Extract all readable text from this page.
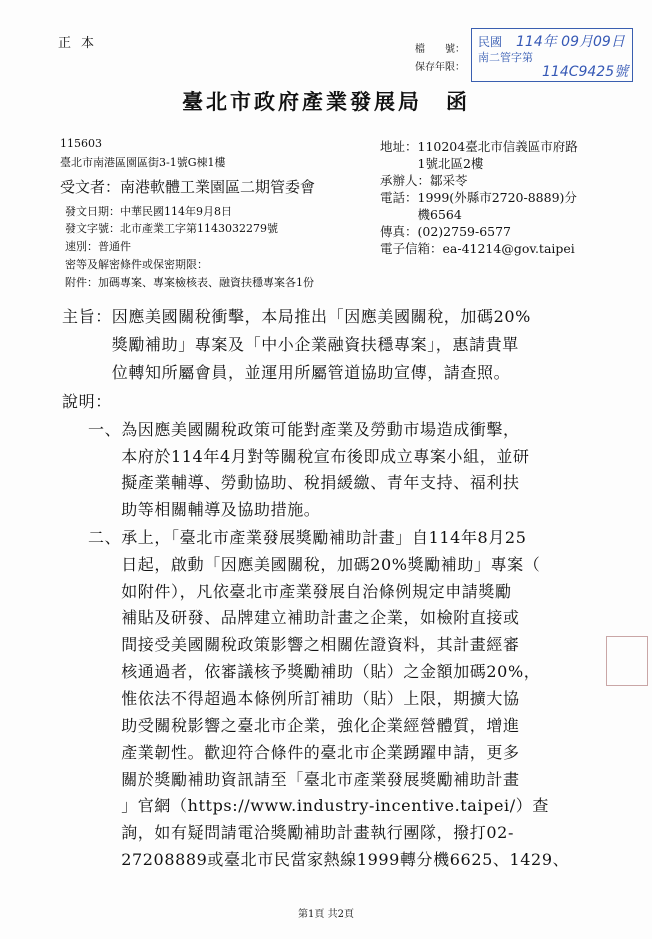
正本	檔　　號：
保存年限：
民國 114年 09月09日
南二管字第
114C9425號
臺北市政府產業發展局　函
115603
臺北市南港區園區街3-1號G棟1樓
受文者：南港軟體工業園區二期管委會
發文日期：中華民國114年9月8日
發文字號：北市產業工字第1143032279號
速別：普通件
密等及解密條件或保密期限：
附件：加碼專案、專案檢核表、融資扶穩專案各1份
地址：110204臺北市信義區市府路
　　　1號北區2樓
承辦人：鄒采苓
電話：1999(外縣市2720-8889)分
　　　機6564
傳真：(02)2759-6577
電子信箱：ea-41214@gov.taipei
主旨：因應美國關稅衝擊，本局推出「因應美國關稅，加碼20%
　　　獎勵補助」專案及「中小企業融資扶穩專案」，惠請貴單
　　　位轉知所屬會員，並運用所屬管道協助宣傳，請查照。
說明：
一、為因應美國關稅政策可能對產業及勞動市場造成衝擊，
　　本府於114年4月對等關稅宣布後即成立專案小組，並研
　　擬產業輔導、勞動協助、稅捐緩繳、青年支持、福利扶
　　助等相關輔導及協助措施。
二、承上，「臺北市產業發展獎勵補助計畫」自114年8月25
　　日起，啟動「因應美國關稅，加碼20%獎勵補助」專案（
　　如附件），凡依臺北市產業發展自治條例規定申請獎勵
　　補貼及研發、品牌建立補助計畫之企業，如檢附直接或
　　間接受美國關稅政策影響之相關佐證資料，其計畫經審
　　核通過者，依審議核予獎勵補助（貼）之金額加碼20%，
　　惟依法不得超過本條例所訂補助（貼）上限，期擴大協
　　助受關稅影響之臺北市企業，強化企業經營體質，增進
　　產業韌性。歡迎符合條件的臺北市企業踴躍申請，更多
　　關於獎勵補助資訊請至「臺北市產業發展獎勵補助計畫
　　」官網（https://www.industry-incentive.taipei/）查
　　詢，如有疑問請電洽獎勵補助計畫執行團隊，撥打02-
　　27208889或臺北市民當家熱線1999轉分機6625、1429、
第1頁 共2頁
